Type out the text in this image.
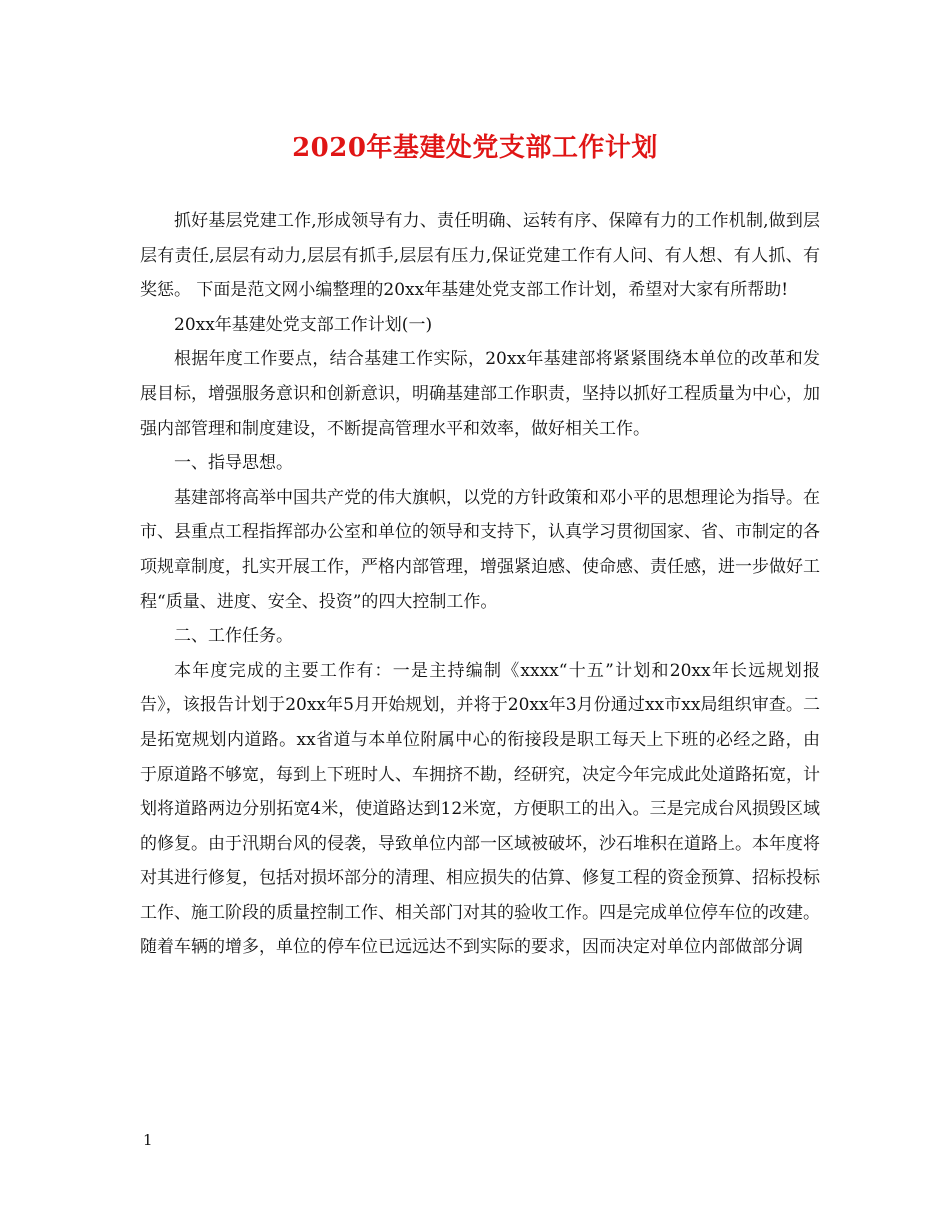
2020年基建处党支部工作计划

抓好基层党建工作,形成领导有力、责任明确、运转有序、保障有力的工作机制,做到层层有责任,层层有动力,层层有抓手,层层有压力,保证党建工作有人问、有人想、有人抓、有奖惩。 下面是范文网小编整理的20xx年基建处党支部工作计划，希望对大家有所帮助!

20xx年基建处党支部工作计划(一)

根据年度工作要点，结合基建工作实际，20xx年基建部将紧紧围绕本单位的改革和发展目标，增强服务意识和创新意识，明确基建部工作职责，坚持以抓好工程质量为中心，加强内部管理和制度建设，不断提高管理水平和效率，做好相关工作。

一、指导思想。

基建部将高举中国共产党的伟大旗帜，以党的方针政策和邓小平的思想理论为指导。在市、县重点工程指挥部办公室和单位的领导和支持下，认真学习贯彻国家、省、市制定的各项规章制度，扎实开展工作，严格内部管理，增强紧迫感、使命感、责任感，进一步做好工程“质量、进度、安全、投资”的四大控制工作。

二、工作任务。

本年度完成的主要工作有：一是主持编制《xxxx“十五”计划和20xx年长远规划报告》，该报告计划于20xx年5月开始规划，并将于20xx年3月份通过xx市xx局组织审查。二是拓宽规划内道路。xx省道与本单位附属中心的衔接段是职工每天上下班的必经之路，由于原道路不够宽，每到上下班时人、车拥挤不勘，经研究，决定今年完成此处道路拓宽，计划将道路两边分别拓宽4米，使道路达到12米宽，方便职工的出入。三是完成台风损毁区域的修复。由于汛期台风的侵袭，导致单位内部一区域被破坏，沙石堆积在道路上。本年度将对其进行修复，包括对损坏部分的清理、相应损失的估算、修复工程的资金预算、招标投标工作、施工阶段的质量控制工作、相关部门对其的验收工作。四是完成单位停车位的改建。随着车辆的增多，单位的停车位已远远达不到实际的要求，因而决定对单位内部做部分调

1
